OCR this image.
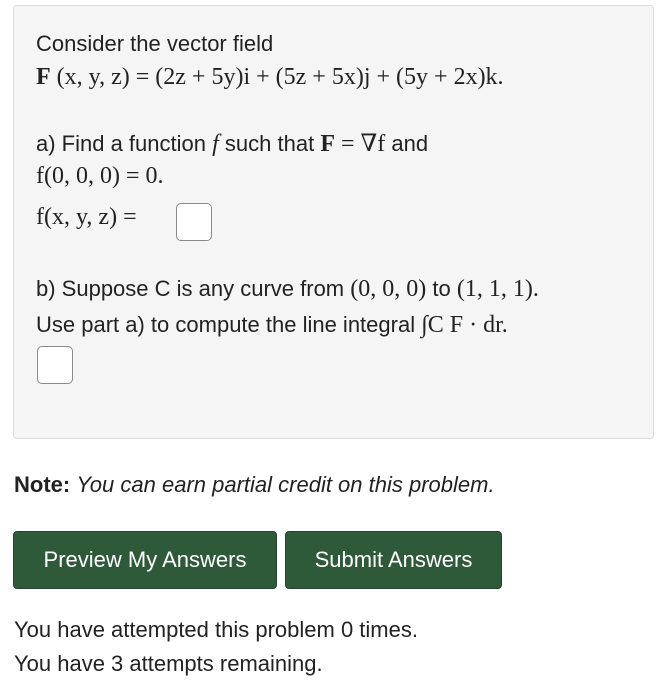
Consider the vector field
F (x, y, z) = (2z + 5y)i + (5z + 5x)j + (5y + 2x)k.
a) Find a function f such that F = ∇f and
f(0, 0, 0) = 0.
f(x, y, z) =
b) Suppose C is any curve from (0, 0, 0) to (1, 1, 1).
Use part a) to compute the line integral ∫C F · dr.
Note: You can earn partial credit on this problem.
Preview My Answers	Submit Answers
You have attempted this problem 0 times.
You have 3 attempts remaining.
